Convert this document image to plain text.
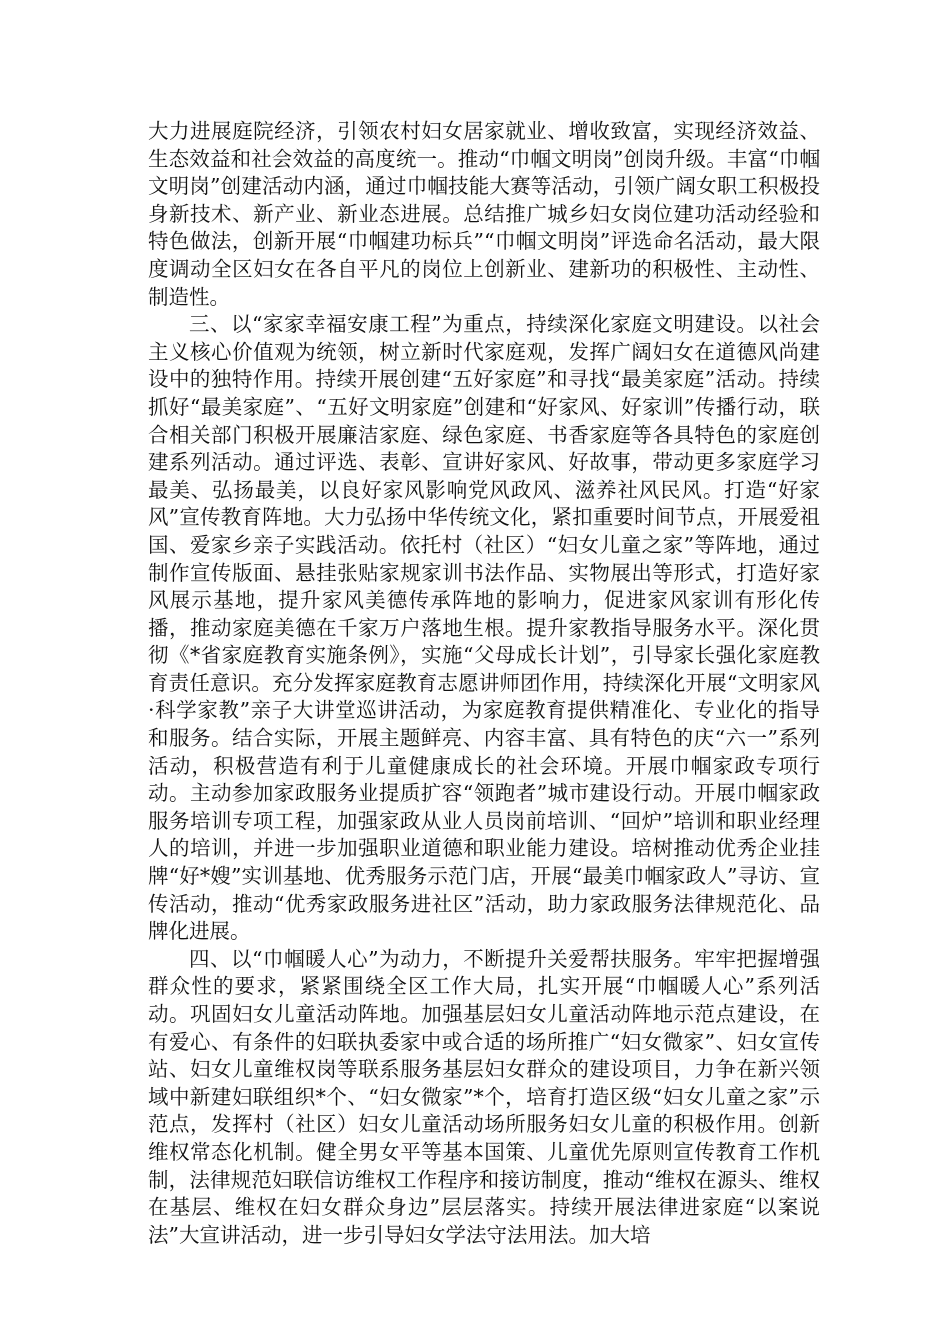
大力进展庭院经济，引领农村妇女居家就业、增收致富，实现经济效益、生态效益和社会效益的高度统一。推动“巾帼文明岗”创岗升级。丰富“巾帼文明岗”创建活动内涵，通过巾帼技能大赛等活动，引领广阔女职工积极投身新技术、新产业、新业态进展。总结推广城乡妇女岗位建功活动经验和特色做法，创新开展“巾帼建功标兵”“巾帼文明岗”评选命名活动，最大限度调动全区妇女在各自平凡的岗位上创新业、建新功的积极性、主动性、制造性。

三、以“家家幸福安康工程”为重点，持续深化家庭文明建设。以社会主义核心价值观为统领，树立新时代家庭观，发挥广阔妇女在道德风尚建设中的独特作用。持续开展创建“五好家庭”和寻找“最美家庭”活动。持续抓好“最美家庭”、“五好文明家庭”创建和“好家风、好家训”传播行动，联合相关部门积极开展廉洁家庭、绿色家庭、书香家庭等各具特色的家庭创建系列活动。通过评选、表彰、宣讲好家风、好故事，带动更多家庭学习最美、弘扬最美，以良好家风影响党风政风、滋养社风民风。打造“好家风”宣传教育阵地。大力弘扬中华传统文化，紧扣重要时间节点，开展爱祖国、爱家乡亲子实践活动。依托村（社区）“妇女儿童之家”等阵地，通过制作宣传版面、悬挂张贴家规家训书法作品、实物展出等形式，打造好家风展示基地，提升家风美德传承阵地的影响力，促进家风家训有形化传播，推动家庭美德在千家万户落地生根。提升家教指导服务水平。深化贯彻《*省家庭教育实施条例》，实施“父母成长计划”，引导家长强化家庭教育责任意识。充分发挥家庭教育志愿讲师团作用，持续深化开展“文明家风·科学家教”亲子大讲堂巡讲活动，为家庭教育提供精准化、专业化的指导和服务。结合实际，开展主题鲜亮、内容丰富、具有特色的庆“六一”系列活动，积极营造有利于儿童健康成长的社会环境。开展巾帼家政专项行动。主动参加家政服务业提质扩容“领跑者”城市建设行动。开展巾帼家政服务培训专项工程，加强家政从业人员岗前培训、“回炉”培训和职业经理人的培训，并进一步加强职业道德和职业能力建设。培树推动优秀企业挂牌“好*嫂”实训基地、优秀服务示范门店，开展“最美巾帼家政人”寻访、宣传活动，推动“优秀家政服务进社区”活动，助力家政服务法律规范化、品牌化进展。

四、以“巾帼暖人心”为动力，不断提升关爱帮扶服务。牢牢把握增强群众性的要求，紧紧围绕全区工作大局，扎实开展“巾帼暖人心”系列活动。巩固妇女儿童活动阵地。加强基层妇女儿童活动阵地示范点建设，在有爱心、有条件的妇联执委家中或合适的场所推广“妇女微家”、妇女宣传站、妇女儿童维权岗等联系服务基层妇女群众的建设项目，力争在新兴领域中新建妇联组织*个、“妇女微家”*个，培育打造区级“妇女儿童之家”示范点，发挥村（社区）妇女儿童活动场所服务妇女儿童的积极作用。创新维权常态化机制。健全男女平等基本国策、儿童优先原则宣传教育工作机制，法律规范妇联信访维权工作程序和接访制度，推动“维权在源头、维权在基层、维权在妇女群众身边”层层落实。持续开展法律进家庭“以案说法”大宣讲活动，进一步引导妇女学法守法用法。加大培
